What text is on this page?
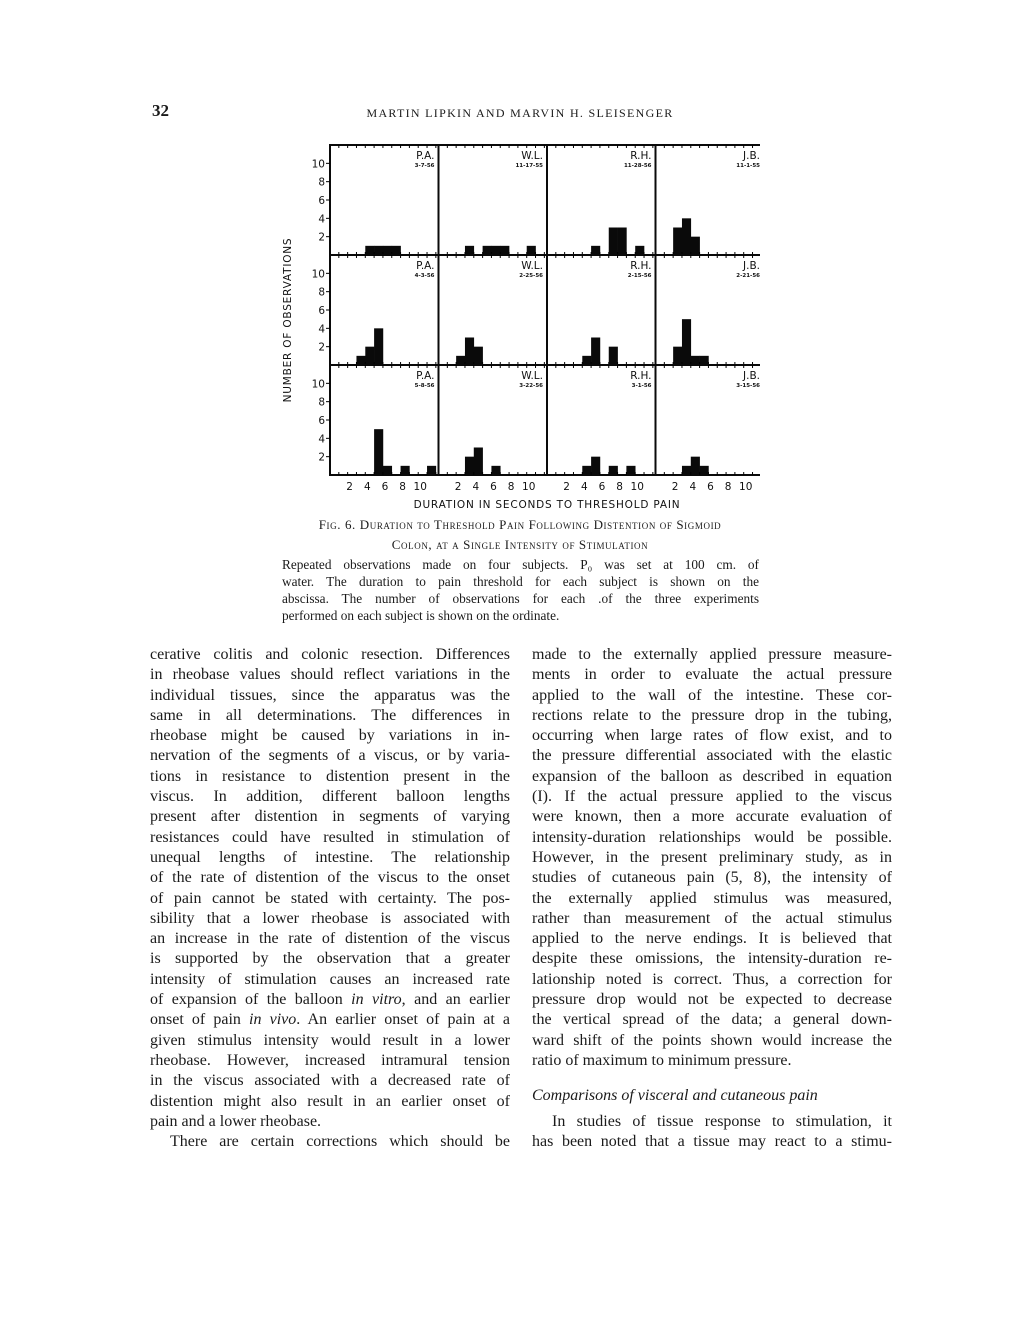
32	MARTIN LIPKIN AND MARVIN H. SLEISENGER
P.A.
3-7-56
W.L.
11-17-55
R.H.
11-28-56
J.B.
11-1-55
2
4
6
8
10
P.A.
4-3-56
W.L.
2-25-56
R.H.
2-15-56
J.B.
2-21-56
2
4
6
8
10
P.A.
5-8-56
2 4 6 8 10
W.L.
3-22-56
2 4 6 8 10
R.H.
3-1-56
2 4 6 8 10
J.B.
3-15-56
2 4 6 8 10
2
4
6
8
10
DURATION IN SECONDS TO THRESHOLD PAIN
NUMBER OF OBSERVATIONS
Fig. 6. Duration to Threshold Pain Following Distention of Sigmoid
Colon, at a Single Intensity of Stimulation
Repeated observations made on four subjects. P₀ was set at 100 cm. of
water. The duration to pain threshold for each subject is shown on the
abscissa. The number of observations for each .of the three experiments
performed on each subject is shown on the ordinate.
cerative colitis and colonic resection. Differences
in rheobase values should reflect variations in the
individual tissues, since the apparatus was the
same in all determinations. The differences in
rheobase might be caused by variations in in-
nervation of the segments of a viscus, or by varia-
tions in resistance to distention present in the
viscus. In addition, different balloon lengths
present after distention in segments of varying
resistances could have resulted in stimulation of
unequal lengths of intestine. The relationship
of the rate of distention of the viscus to the onset
of pain cannot be stated with certainty. The pos-
sibility that a lower rheobase is associated with
an increase in the rate of distention of the viscus
is supported by the observation that a greater
intensity of stimulation causes an increased rate
of expansion of the balloon in vitro, and an earlier
onset of pain in vivo. An earlier onset of pain at a
given stimulus intensity would result in a lower
rheobase. However, increased intramural tension
in the viscus associated with a decreased rate of
distention might also result in an earlier onset of
pain and a lower rheobase.
There are certain corrections which should be
made to the externally applied pressure measure-
ments in order to evaluate the actual pressure
applied to the wall of the intestine. These cor-
rections relate to the pressure drop in the tubing,
occurring when large rates of flow exist, and to
the pressure differential associated with the elastic
expansion of the balloon as described in equation
(I). If the actual pressure applied to the viscus
were known, then a more accurate evaluation of
intensity-duration relationships would be possible.
However, in the present preliminary study, as in
studies of cutaneous pain (5, 8), the intensity of
the externally applied stimulus was measured,
rather than measurement of the actual stimulus
applied to the nerve endings. It is believed that
despite these omissions, the intensity-duration re-
lationship noted is correct. Thus, a correction for
pressure drop would not be expected to decrease
the vertical spread of the data; a general down-
ward shift of the points shown would increase the
ratio of maximum to minimum pressure.
Comparisons of visceral and cutaneous pain
In studies of tissue response to stimulation, it
has been noted that a tissue may react to a stimu-
